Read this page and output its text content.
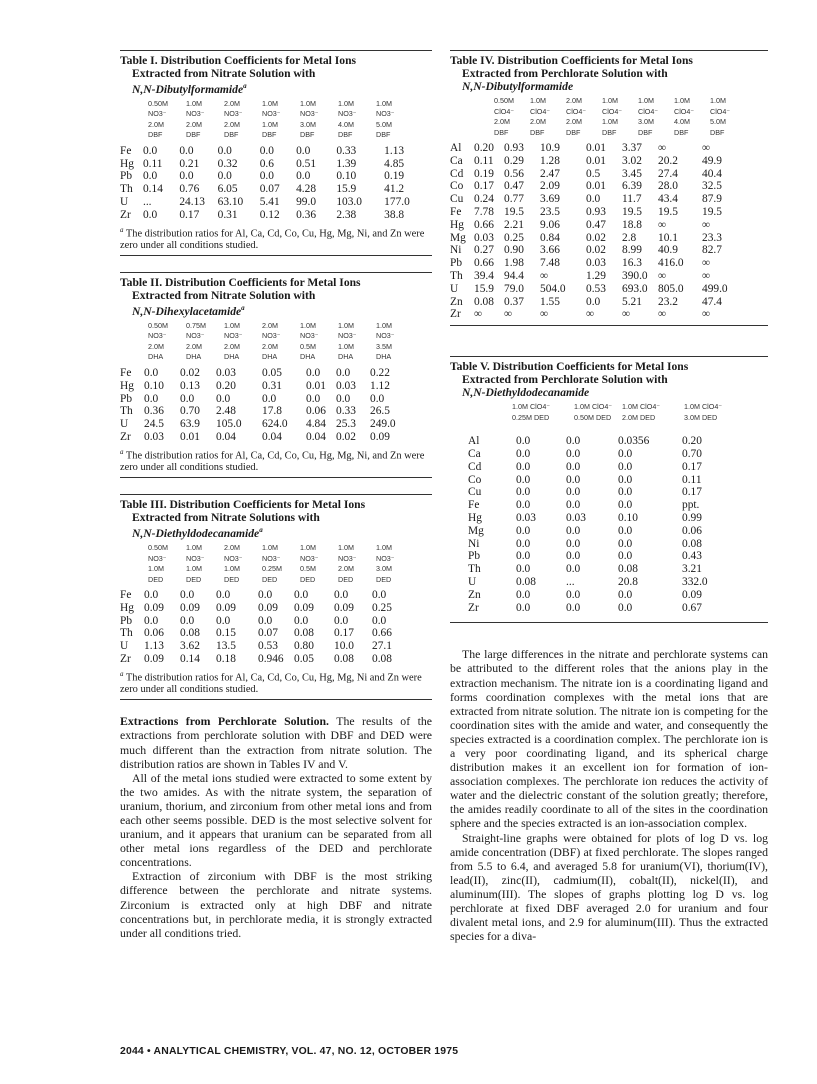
Table I. Distribution Coefficients for Metal Ions
Extracted from Nitrate Solution with
N,N-Dibutylformamide$^a$
0.50M	1.0M	2.0M	1.0M	1.0M	1.0M	1.0M
NO3⁻	NO3⁻	NO3⁻	NO3⁻	NO3⁻	NO3⁻	NO3⁻
2.0M	2.0M	2.0M	1.0M	3.0M	4.0M	5.0M
DBF	DBF	DBF	DBF	DBF	DBF	DBF
Fe	0.0	0.0	0.0	0.0	0.0	0.33	1.13
Hg 0.11	0.21	0.32	0.6	0.51	1.39	4.85
Pb 0.0	0.0	0.0	0.0	0.0	0.10	0.19
Th 0.14	0.76	6.05	0.07	4.28	15.9	41.2
U	...	24.13	63.10	5.41	99.0	103.0	177.0
Zr	0.0	0.17	0.31	0.12	0.36	2.38	38.8
$^a$ The distribution ratios for Al, Ca, Cd, Co, Cu, Hg, Mg, Ni, and Zn were zero under all conditions studied.
Table II. Distribution Coefficients for Metal Ions
Extracted from Nitrate Solution with
N,N-Dihexylacetamide$^a$
0.50M	0.75M	1.0M	2.0M	1.0M	1.0M	1.0M
NO3⁻	NO3⁻	NO3⁻	NO3⁻	NO3⁻	NO3⁻	NO3⁻
2.0M	2.0M	2.0M	2.0M	0.5M	1.0M	3.5M
DHA	DHA	DHA	DHA	DHA	DHA	DHA
Fe	0.0	0.02	0.03	0.05	0.0	0.0	0.22
Hg 0.10	0.13	0.20	0.31	0.01 0.03	1.12
Pb	0.0	0.0	0.0	0.0	0.0	0.0	0.0
Th 0.36	0.70	2.48	17.8	0.06 0.33	26.5
U	24.5	63.9	105.0	624.0	4.84 25.3	249.0
Zr	0.03	0.01	0.04	0.04	0.04 0.02	0.09
$^a$ The distribution ratios for Al, Ca, Cd, Co, Cu, Hg, Mg, Ni, and Zn were zero under all conditions studied.
Table III. Distribution Coefficients for Metal Ions
Extracted from Nitrate Solutions with
N,N-Diethyldodecanamide$^a$
0.50M	1.0M	2.0M	1.0M	1.0M	1.0M	1.0M
NO3⁻	NO3⁻	NO3⁻	NO3⁻	NO3⁻	NO3⁻	NO3⁻
1.0M	1.0M	1.0M	0.25M	0.5M	2.0M	3.0M
DED	DED	DED	DED	DED	DED	DED
Fe	0.0	0.0	0.0	0.0	0.0	0.0	0.0
Hg 0.09	0.09	0.09	0.09	0.09	0.09	0.25
Pb	0.0	0.0	0.0	0.0	0.0	0.0	0.0
Th 0.06	0.08	0.15	0.07	0.08	0.17	0.66
U	1.13	3.62	13.5	0.53	0.80	10.0	27.1
Zr	0.09	0.14	0.18	0.946 0.05	0.08	0.08
$^a$ The distribution ratios for Al, Ca, Cd, Co, Cu, Hg, Mg, Ni and Zn were zero under all conditions studied.

Extractions from Perchlorate Solution. The results of the extractions from perchlorate solution with DBF and DED were much different than the extraction from nitrate solution. The distribution ratios are shown in Tables IV and V.

All of the metal ions studied were extracted to some extent by the two amides. As with the nitrate system, the separation of uranium, thorium, and zirconium from other metal ions and from each other seems possible. DED is the most selective solvent for uranium, and it appears that uranium can be separated from all other metal ions regardless of the DED and perchlorate concentrations.

Extraction of zirconium with DBF is the most striking difference between the perchlorate and nitrate systems. Zirconium is extracted only at high DBF and nitrate concentrations but, in perchlorate media, it is strongly extracted under all conditions tried.

Table IV. Distribution Coefficients for Metal Ions
Extracted from Perchlorate Solution with
N,N-Dibutylformamide
0.50M	1.0M	2.0M	1.0M	1.0M	1.0M	1.0M
ClO4⁻	ClO4⁻	ClO4⁻	ClO4⁻	ClO4⁻	ClO4⁻	ClO4⁻
2.0M	2.0M	2.0M	1.0M	3.0M	4.0M	5.0M
DBF	DBF	DBF	DBF	DBF	DBF	DBF
Al	0.20 0.93	10.9	0.01	3.37	∞	∞
Ca 0.11 0.29	1.28	0.01	3.02	20.2	49.9
Cd 0.19 0.56	2.47	0.5	3.45	27.4	40.4
Co 0.17 0.47	2.09	0.01	6.39	28.0	32.5
Cu 0.24 0.77	3.69	0.0	11.7	43.4	87.9
Fe	7.78 19.5	23.5	0.93	19.5	19.5	19.5
Hg 0.66 2.21	9.06	0.47	18.8	∞	∞
Mg 0.03 0.25	0.84	0.02	2.8	10.1	23.3
Ni	0.27 0.90	3.66	0.02	8.99	40.9	82.7
Pb	0.66 1.98	7.48	0.03	16.3	416.0	∞
Th 39.4 94.4	∞	1.29	390.0 ∞	∞
U	15.9 79.0	504.0	0.53	693.0 805.0	499.0
Zn 0.08 0.37	1.55	0.0	5.21	23.2	47.4
Zr	∞	∞	∞	∞	∞	∞	∞
Table V. Distribution Coefficients for Metal Ions
Extracted from Perchlorate Solution with
N,N-Diethyldodecanamide
1.0M ClO4⁻	1.0M ClO4⁻	1.0M ClO4⁻	1.0M ClO4⁻
0.25M DED	0.50M DED	2.0M DED	3.0M DED
Al	0.0	0.0	0.0356	0.20
Ca	0.0	0.0	0.0	0.70
Cd	0.0	0.0	0.0	0.17
Co	0.0	0.0	0.0	0.11
Cu	0.0	0.0	0.0	0.17
Fe	0.0	0.0	0.0	ppt.
Hg	0.03	0.03	0.10	0.99
Mg	0.0	0.0	0.0	0.06
Ni	0.0	0.0	0.0	0.08
Pb	0.0	0.0	0.0	0.43
Th	0.0	0.0	0.08	3.21
U	0.08	...	20.8	332.0
Zn	0.0	0.0	0.0	0.09
Zr	0.0	0.0	0.0	0.67

The large differences in the nitrate and perchlorate systems can be attributed to the different roles that the anions play in the extraction mechanism. The nitrate ion is a coordinating ligand and forms coordination complexes with the metal ions that are extracted from nitrate solution. The nitrate ion is competing for the coordination sites with the amide and water, and consequently the species extracted is a coordination complex. The perchlorate ion is a very poor coordinating ligand, and its spherical charge distribution makes it an excellent ion for formation of ion-association complexes. The perchlorate ion reduces the activity of water and the dielectric constant of the solution greatly; therefore, the amides readily coordinate to all of the sites in the coordination sphere and the species extracted is an ion-association complex.

Straight-line graphs were obtained for plots of log D vs. log amide concentration (DBF) at fixed perchlorate. The slopes ranged from 5.5 to 6.4, and averaged 5.8 for uranium(VI), thorium(IV), lead(II), zinc(II), cadmium(II), cobalt(II), nickel(II), and aluminum(III). The slopes of graphs plotting log D vs. log perchlorate at fixed DBF averaged 2.0 for uranium and four divalent metal ions, and 2.9 for aluminum(III). Thus the extracted species for a diva-

2044 • ANALYTICAL CHEMISTRY, VOL. 47, NO. 12, OCTOBER 1975
